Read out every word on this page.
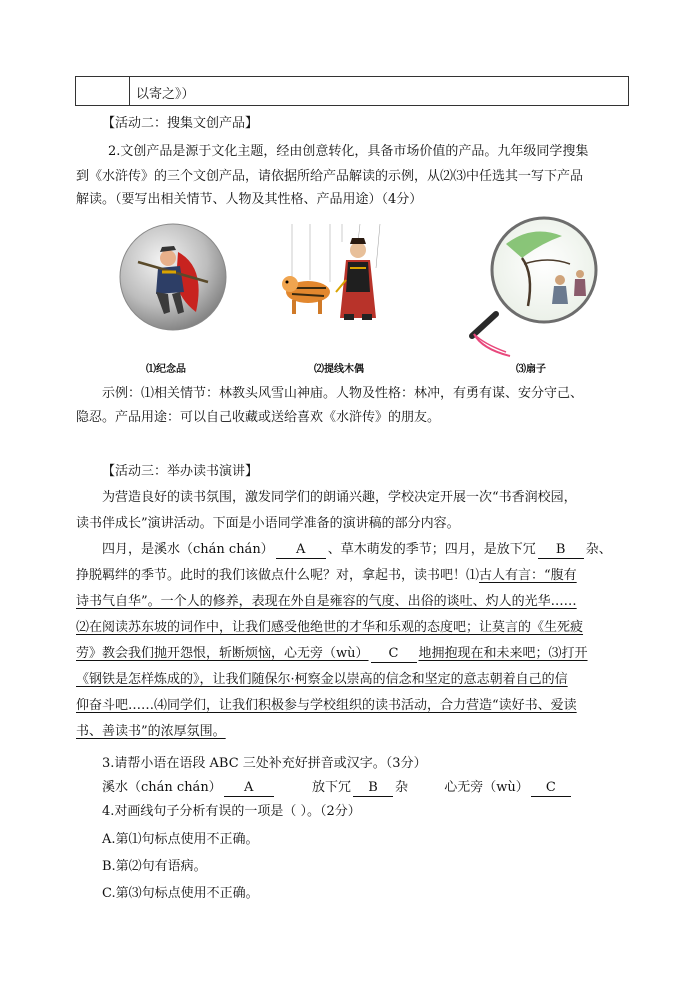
以寄之》）
【活动二：搜集文创产品】
2.文创产品是源于文化主题，经由创意转化，具备市场价值的产品。九年级同学搜集
到《水浒传》的三个文创产品，请依据所给产品解读的示例，从⑵⑶中任选其一写下产品
解读。（要写出相关情节、人物及其性格、产品用途）（4分）
⑴纪念品	⑵提线木偶	⑶扇子
示例：⑴相关情节：林教头风雪山神庙。人物及性格：林冲，有勇有谋、安分守己、
隐忍。产品用途：可以自己收藏或送给喜欢《水浒传》的朋友。
【活动三：举办读书演讲】
为营造良好的读书氛围，激发同学们的朗诵兴趣，学校决定开展一次“书香润校园，
读书伴成长”演讲活动。下面是小语同学准备的演讲稿的部分内容。
四月，是溪水（chán chán） A 、草木萌发的季节；四月，是放下冗 B 杂、
挣脱羁绊的季节。此时的我们该做点什么呢？对，拿起书，读书吧！⑴古人有言：“腹有
诗书气自华”。一个人的修养，表现在外自是雍容的气度、出俗的谈吐、灼人的光华……
⑵在阅读苏东坡的词作中，让我们感受他绝世的才华和乐观的态度吧；让莫言的《生死疲
劳》教会我们抛开怨恨，斩断烦恼，心无旁（wù） C 地拥抱现在和未来吧；⑶打开
《钢铁是怎样炼成的》，让我们随保尔·柯察金以崇高的信念和坚定的意志朝着自己的信
仰奋斗吧……⑷同学们，让我们积极参与学校组织的读书活动，合力营造“读好书、爱读
书、善读书”的浓厚氛围。
3.请帮小语在语段 ABC 三处补充好拼音或汉字。（3分）
溪水（chán chán） A	放下冗 B 杂	心无旁（wù） C
4.对画线句子分析有误的一项是（ ）。（2分）
A.第⑴句标点使用不正确。
B.第⑵句有语病。
C.第⑶句标点使用不正确。
